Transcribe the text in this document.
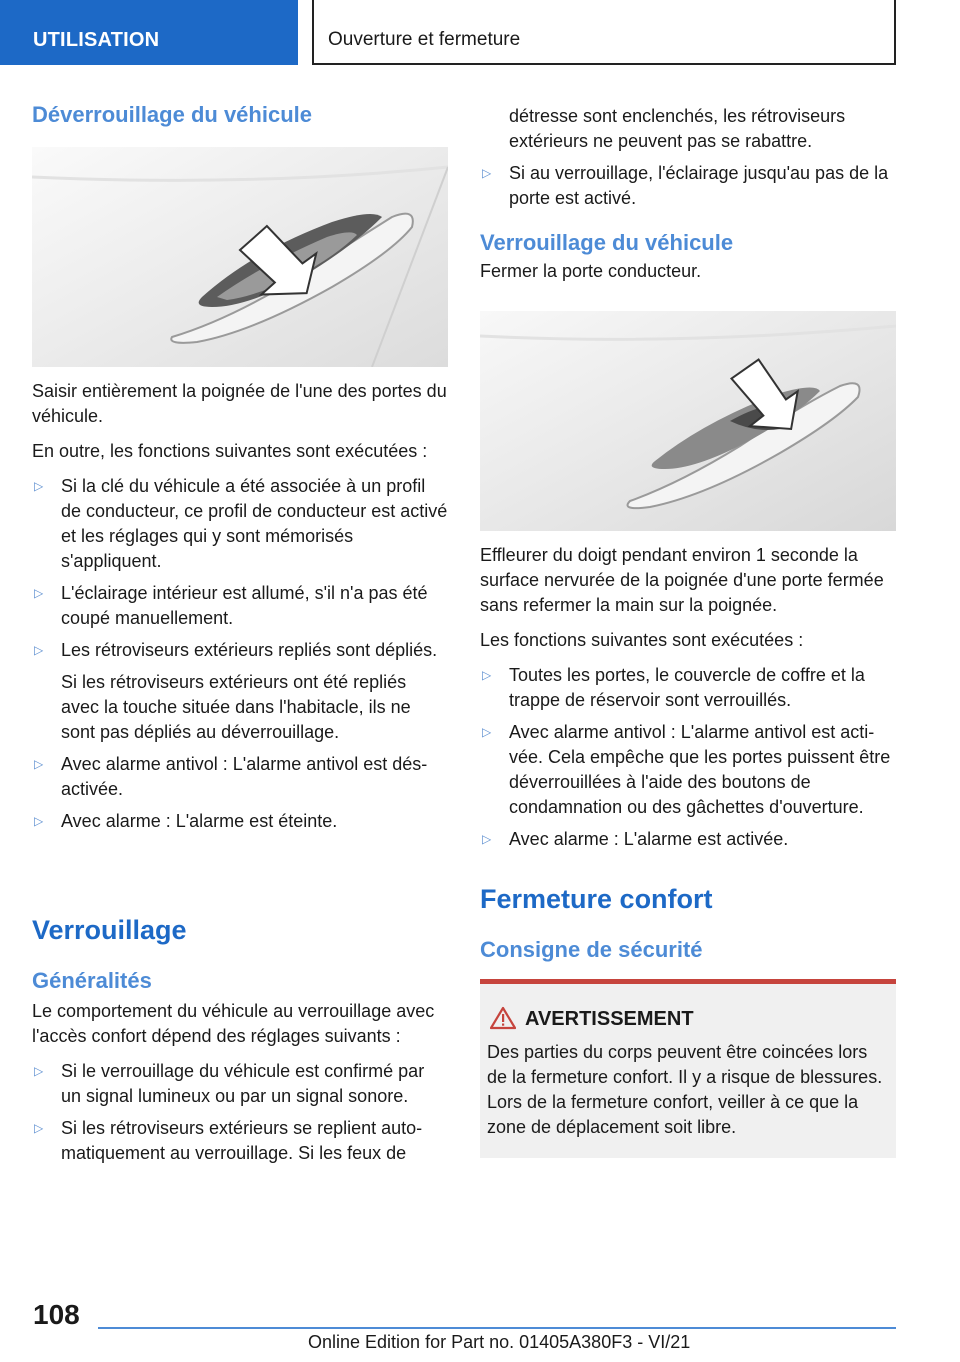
UTILISATION	Ouverture et fermeture
Déverrouillage du véhicule

Saisir entièrement la poignée de l'une des portes du véhicule.

En outre, les fonctions suivantes sont exécutées :

▷ Si la clé du véhicule a été associée à un profil de conducteur, ce profil de conducteur est activé et les réglages qui y sont mémorisés s'appliquent.
▷ L'éclairage intérieur est allumé, s'il n'a pas été coupé manuellement.
▷ Les rétroviseurs extérieurs repliés sont dépliés.
Si les rétroviseurs extérieurs ont été repliés avec la touche située dans l'habitacle, ils ne sont pas dépliés au déverrouillage.
▷ Avec alarme antivol : L'alarme antivol est désactivée.
▷ Avec alarme : L'alarme est éteinte.
Verrouillage
Généralités

Le comportement du véhicule au verrouillage avec l'accès confort dépend des réglages suivants :

▷ Si le verrouillage du véhicule est confirmé par un signal lumineux ou par un signal sonore.
▷ Si les rétroviseurs extérieurs se replient automatiquement au verrouillage. Si les feux de

détresse sont enclenchés, les rétroviseurs extérieurs ne peuvent pas se rabattre.

▷ Si au verrouillage, l'éclairage jusqu'au pas de la porte est activé.
Verrouillage du véhicule

Fermer la porte conducteur.

Effleurer du doigt pendant environ 1 seconde la surface nervurée de la poignée d'une porte fermée sans refermer la main sur la poignée.

Les fonctions suivantes sont exécutées :

▷ Toutes les portes, le couvercle de coffre et la trappe de réservoir sont verrouillés.
▷ Avec alarme antivol : L'alarme antivol est activée. Cela empêche que les portes puissent être déverrouillées à l'aide des boutons de condamnation ou des gâchettes d'ouverture.
▷ Avec alarme : L'alarme est activée.
Fermeture confort
Consigne de sécurité
AVERTISSEMENT

Des parties du corps peuvent être coincées lors de la fermeture confort. Il y a risque de blessures. Lors de la fermeture confort, veiller à ce que la zone de déplacement soit libre.

108
Online Edition for Part no. 01405A380F3 - VI/21
